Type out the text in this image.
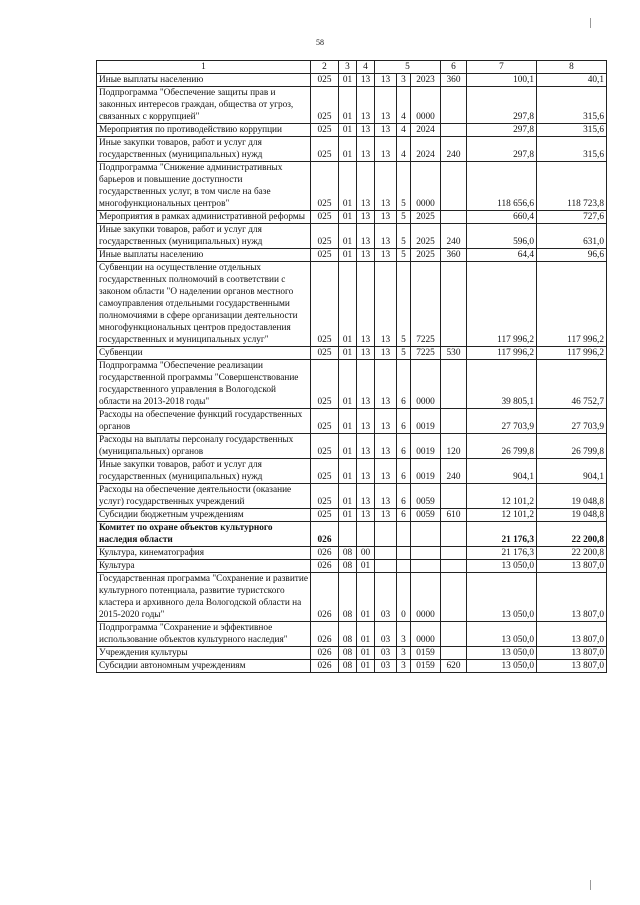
58
1	2	3	4	5			6	7	8
Иные выплаты населению	025	01	13	13	3	2023	360	100,1	40,1
Подпрограмма "Обеспечение защиты прав и законных интересов граждан, общества от угроз, связанных с коррупцией"	025	01	13	13	4	0000		297,8	315,6
Мероприятия по противодействию коррупции	025	01	13	13	4	2024		297,8	315,6
Иные закупки товаров, работ и услуг для государственных (муниципальных) нужд	025	01	13	13	4	2024	240	297,8	315,6
Подпрограмма "Снижение административных барьеров и повышение доступности государственных услуг, в том числе на базе многофункциональных центров"	025	01	13	13	5	0000		118 656,6	118 723,8
Мероприятия в рамках административной реформы	025	01	13	13	5	2025		660,4	727,6
Иные закупки товаров, работ и услуг для государственных (муниципальных) нужд	025	01	13	13	5	2025	240	596,0	631,0
Иные выплаты населению	025	01	13	13	5	2025	360	64,4	96,6
Субвенции на осуществление отдельных государственных полномочий в соответствии с законом области "О наделении органов местного самоуправления отдельными государственными полномочиями в сфере организации деятельности многофункциональных центров предоставления государственных и муниципальных услуг"	025	01	13	13	5	7225		117 996,2	117 996,2
Субвенции	025	01	13	13	5	7225	530	117 996,2	117 996,2
Подпрограмма "Обеспечение реализации государственной программы "Совершенствование государственного управления в Вологодской области на 2013-2018 годы"	025	01	13	13	6	0000		39 805,1	46 752,7
Расходы на обеспечение функций государственных органов	025	01	13	13	6	0019		27 703,9	27 703,9
Расходы на выплаты персоналу государственных (муниципальных) органов	025	01	13	13	6	0019	120	26 799,8	26 799,8
Иные закупки товаров, работ и услуг для государственных (муниципальных) нужд	025	01	13	13	6	0019	240	904,1	904,1
Расходы на обеспечение деятельности (оказание услуг) государственных учреждений	025	01	13	13	6	0059		12 101,2	19 048,8
Субсидии бюджетным учреждениям	025	01	13	13	6	0059	610	12 101,2	19 048,8
Комитет по охране объектов культурного наследия области	026							21 176,3	22 200,8
Культура, кинематография	026	08	00					21 176,3	22 200,8
Культура	026	08	01					13 050,0	13 807,0
Государственная программа "Сохранение и развитие культурного потенциала, развитие туристского кластера и архивного дела Вологодской области на 2015-2020 годы"	026	08	01	03	0	0000		13 050,0	13 807,0
Подпрограмма "Сохранение и эффективное использование объектов культурного наследия"	026	08	01	03	3	0000		13 050,0	13 807,0
Учреждения культуры	026	08	01	03	3	0159		13 050,0	13 807,0
Субсидии автономным учреждениям	026	08	01	03	3	0159	620	13 050,0	13 807,0
